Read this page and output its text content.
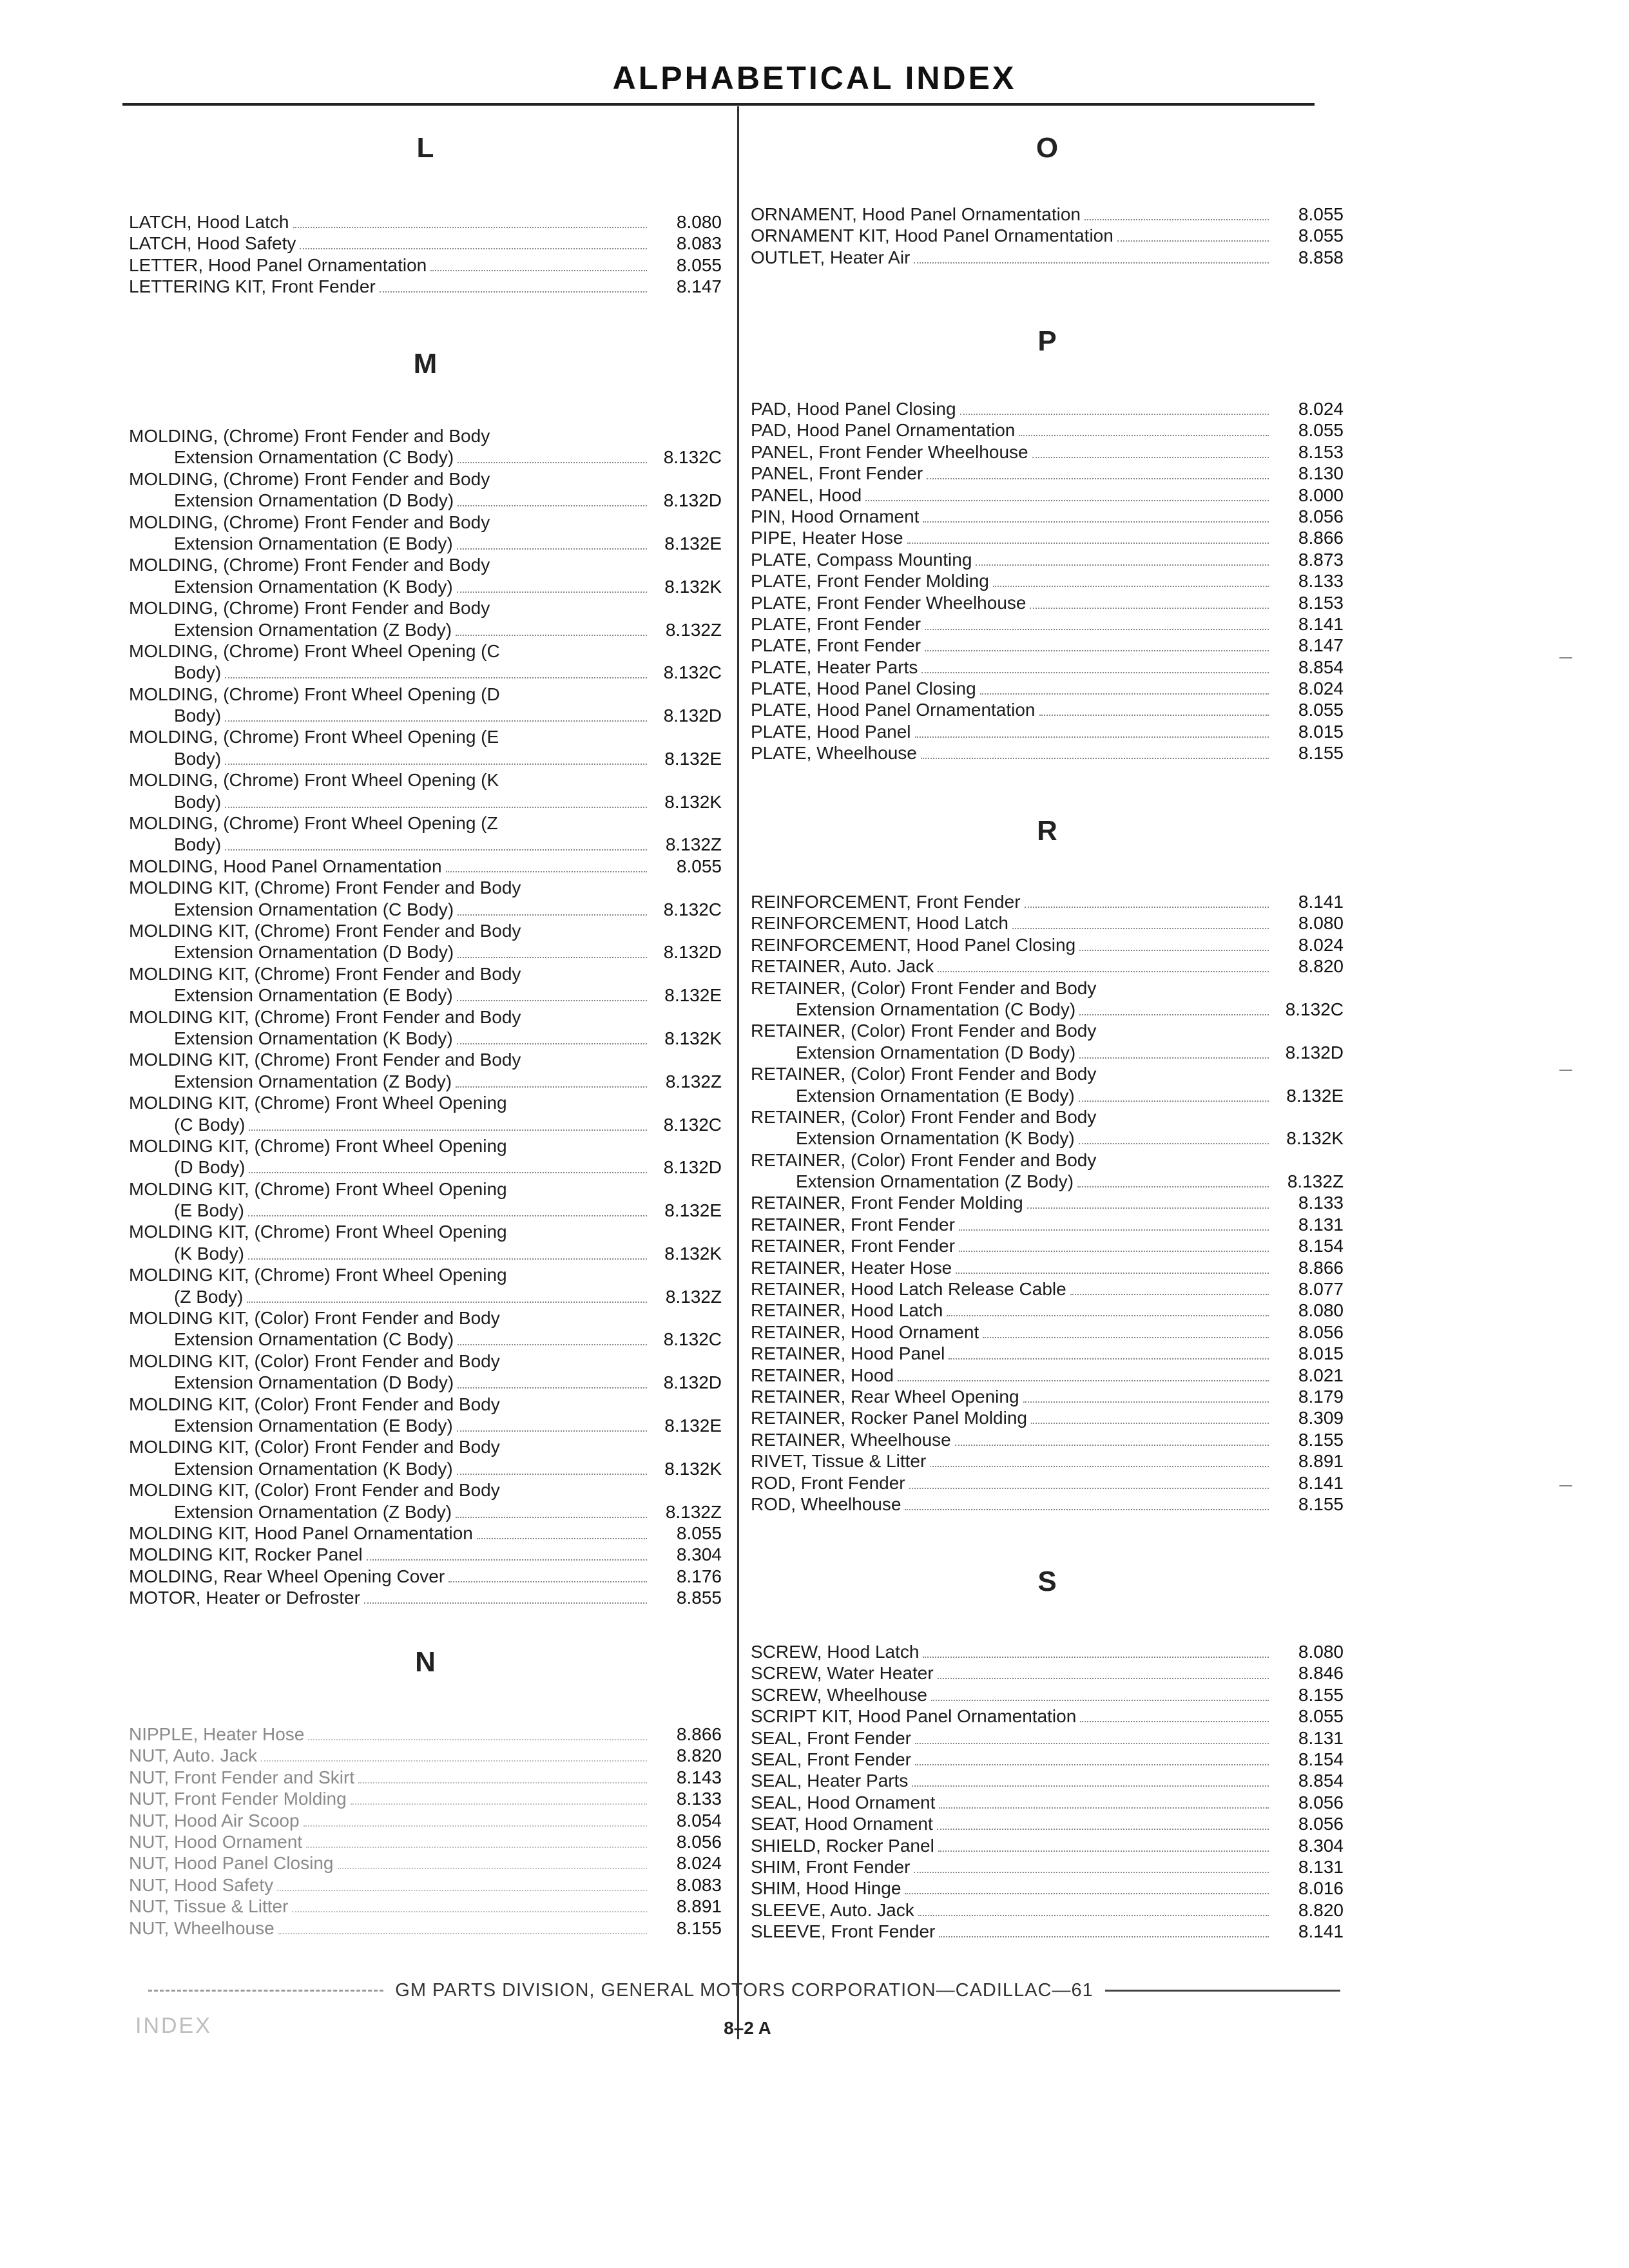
ALPHABETICAL INDEX
L
LATCH, Hood Latch	8.080
LATCH, Hood Safety	8.083
LETTER, Hood Panel Ornamentation	8.055
LETTERING KIT, Front Fender	8.147
M
MOLDING, (Chrome) Front Fender and Body
Extension Ornamentation (C Body)	8.132C
MOLDING, (Chrome) Front Fender and Body
Extension Ornamentation (D Body)	8.132D
MOLDING, (Chrome) Front Fender and Body
Extension Ornamentation (E Body)	8.132E
MOLDING, (Chrome) Front Fender and Body
Extension Ornamentation (K Body)	8.132K
MOLDING, (Chrome) Front Fender and Body
Extension Ornamentation (Z Body)	8.132Z
MOLDING, (Chrome) Front Wheel Opening (C
Body)	8.132C
MOLDING, (Chrome) Front Wheel Opening (D
Body)	8.132D
MOLDING, (Chrome) Front Wheel Opening (E
Body)	8.132E
MOLDING, (Chrome) Front Wheel Opening (K
Body)	8.132K
MOLDING, (Chrome) Front Wheel Opening (Z
Body)	8.132Z
MOLDING, Hood Panel Ornamentation	8.055
MOLDING KIT, (Chrome) Front Fender and Body
Extension Ornamentation (C Body)	8.132C
MOLDING KIT, (Chrome) Front Fender and Body
Extension Ornamentation (D Body)	8.132D
MOLDING KIT, (Chrome) Front Fender and Body
Extension Ornamentation (E Body)	8.132E
MOLDING KIT, (Chrome) Front Fender and Body
Extension Ornamentation (K Body)	8.132K
MOLDING KIT, (Chrome) Front Fender and Body
Extension Ornamentation (Z Body)	8.132Z
MOLDING KIT, (Chrome) Front Wheel Opening
(C Body)	8.132C
MOLDING KIT, (Chrome) Front Wheel Opening
(D Body)	8.132D
MOLDING KIT, (Chrome) Front Wheel Opening
(E Body)	8.132E
MOLDING KIT, (Chrome) Front Wheel Opening
(K Body)	8.132K
MOLDING KIT, (Chrome) Front Wheel Opening
(Z Body)	8.132Z
MOLDING KIT, (Color) Front Fender and Body
Extension Ornamentation (C Body)	8.132C
MOLDING KIT, (Color) Front Fender and Body
Extension Ornamentation (D Body)	8.132D
MOLDING KIT, (Color) Front Fender and Body
Extension Ornamentation (E Body)	8.132E
MOLDING KIT, (Color) Front Fender and Body
Extension Ornamentation (K Body)	8.132K
MOLDING KIT, (Color) Front Fender and Body
Extension Ornamentation (Z Body)	8.132Z
MOLDING KIT, Hood Panel Ornamentation	8.055
MOLDING KIT, Rocker Panel	8.304
MOLDING, Rear Wheel Opening Cover	8.176
MOTOR, Heater or Defroster	8.855
N
NIPPLE, Heater Hose	8.866
NUT, Auto. Jack	8.820
NUT, Front Fender and Skirt	8.143
NUT, Front Fender Molding	8.133
NUT, Hood Air Scoop	8.054
NUT, Hood Ornament	8.056
NUT, Hood Panel Closing	8.024
NUT, Hood Safety	8.083
NUT, Tissue & Litter	8.891
NUT, Wheelhouse	8.155
O
ORNAMENT, Hood Panel Ornamentation	8.055
ORNAMENT KIT, Hood Panel Ornamentation	8.055
OUTLET, Heater Air	8.858
P
PAD, Hood Panel Closing	8.024
PAD, Hood Panel Ornamentation	8.055
PANEL, Front Fender Wheelhouse	8.153
PANEL, Front Fender	8.130
PANEL, Hood	8.000
PIN, Hood Ornament	8.056
PIPE, Heater Hose	8.866
PLATE, Compass Mounting	8.873
PLATE, Front Fender Molding	8.133
PLATE, Front Fender Wheelhouse	8.153
PLATE, Front Fender	8.141
PLATE, Front Fender	8.147
PLATE, Heater Parts	8.854
PLATE, Hood Panel Closing	8.024
PLATE, Hood Panel Ornamentation	8.055
PLATE, Hood Panel	8.015
PLATE, Wheelhouse	8.155
R
REINFORCEMENT, Front Fender	8.141
REINFORCEMENT, Hood Latch	8.080
REINFORCEMENT, Hood Panel Closing	8.024
RETAINER, Auto. Jack	8.820
RETAINER, (Color) Front Fender and Body
Extension Ornamentation (C Body)	8.132C
RETAINER, (Color) Front Fender and Body
Extension Ornamentation (D Body)	8.132D
RETAINER, (Color) Front Fender and Body
Extension Ornamentation (E Body)	8.132E
RETAINER, (Color) Front Fender and Body
Extension Ornamentation (K Body)	8.132K
RETAINER, (Color) Front Fender and Body
Extension Ornamentation (Z Body)	8.132Z
RETAINER, Front Fender Molding	8.133
RETAINER, Front Fender	8.131
RETAINER, Front Fender	8.154
RETAINER, Heater Hose	8.866
RETAINER, Hood Latch Release Cable	8.077
RETAINER, Hood Latch	8.080
RETAINER, Hood Ornament	8.056
RETAINER, Hood Panel	8.015
RETAINER, Hood	8.021
RETAINER, Rear Wheel Opening	8.179
RETAINER, Rocker Panel Molding	8.309
RETAINER, Wheelhouse	8.155
RIVET, Tissue & Litter	8.891
ROD, Front Fender	8.141
ROD, Wheelhouse	8.155
S
SCREW, Hood Latch	8.080
SCREW, Water Heater	8.846
SCREW, Wheelhouse	8.155
SCRIPT KIT, Hood Panel Ornamentation	8.055
SEAL, Front Fender	8.131
SEAL, Front Fender	8.154
SEAL, Heater Parts	8.854
SEAL, Hood Ornament	8.056
SEAT, Hood Ornament	8.056
SHIELD, Rocker Panel	8.304
SHIM, Front Fender	8.131
SHIM, Hood Hinge	8.016
SLEEVE, Auto. Jack	8.820
SLEEVE, Front Fender	8.141
GM PARTS DIVISION, GENERAL MOTORS CORPORATION—CADILLAC—61
INDEX	8–2 A
